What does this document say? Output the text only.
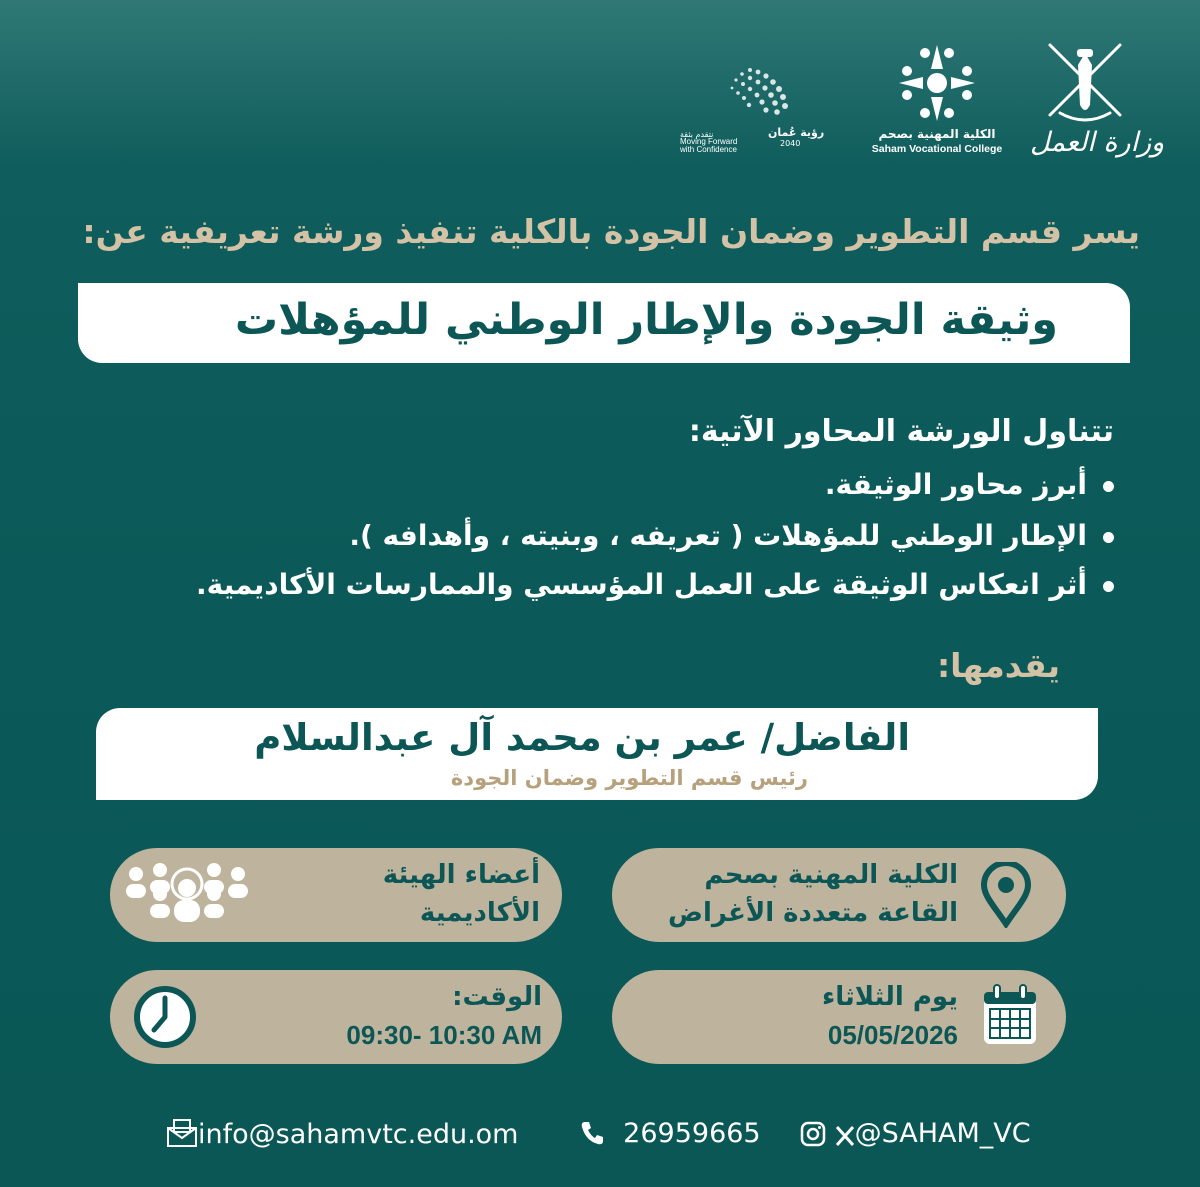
وزارة العمل
الكلية المهنية بصحم
Saham Vocational College
رؤية عُمان
2040
نتقدم بثقة
Moving Forward
with Confidence
يسر قسم التطوير وضمان الجودة بالكلية تنفيذ ورشة تعريفية عن:
وثيقة الجودة والإطار الوطني للمؤهلات
تتناول الورشة المحاور الآتية:
أبرز محاور الوثيقة.
الإطار الوطني للمؤهلات ( تعريفه ، وبنيته ، وأهدافه ).
أثر انعكاس الوثيقة على العمل المؤسسي والممارسات الأكاديمية.
يقدمها:
الفاضل/ عمر بن محمد آل عبدالسلام
رئيس قسم التطوير وضمان الجودة
الكلية المهنية بصحم
القاعة متعددة الأغراض
أعضاء الهيئة
الأكاديمية
يوم الثلاثاء
05/05/2026
الوقت:
09:30- 10:30 AM
info@sahamvtc.edu.om	26959665	@SAHAM_VC
